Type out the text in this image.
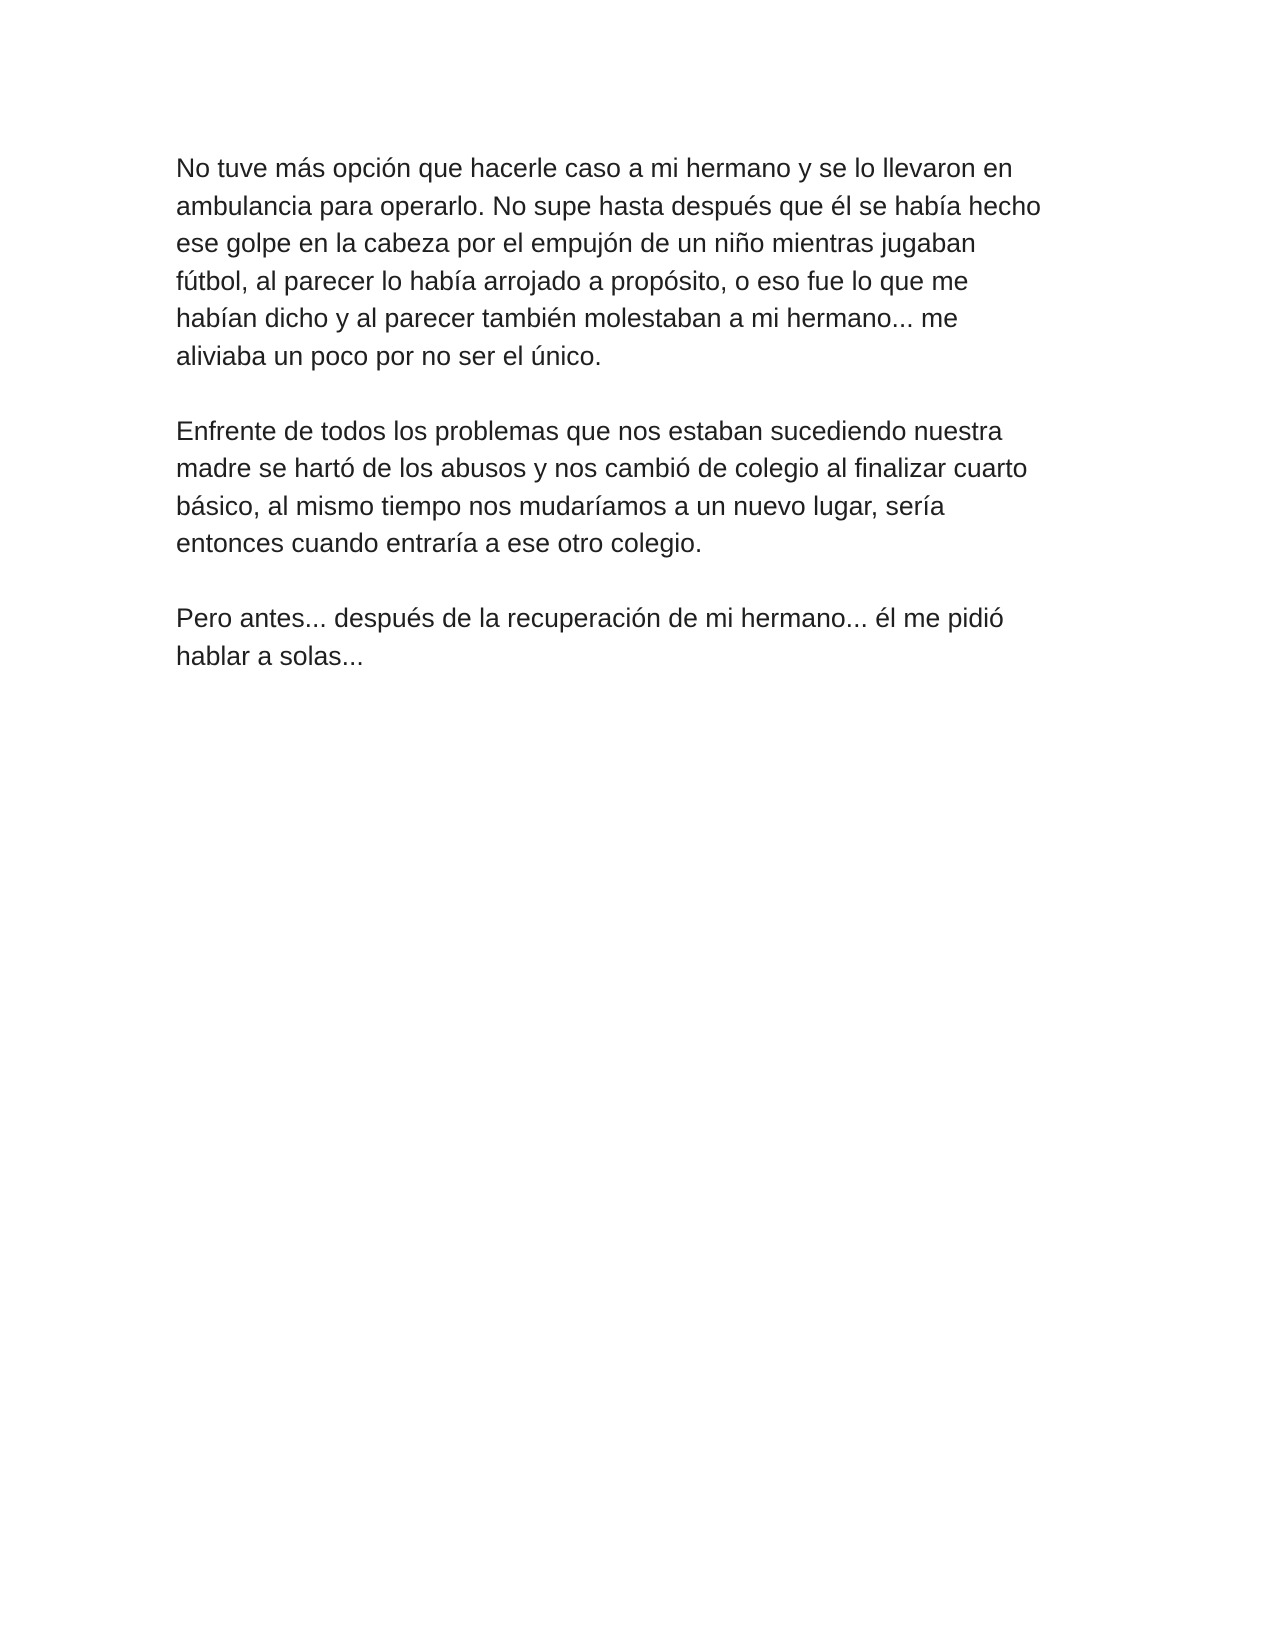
No tuve más opción que hacerle caso a mi hermano y se lo llevaron en
ambulancia para operarlo. No supe hasta después que él se había hecho
ese golpe en la cabeza por el empujón de un niño mientras jugaban
fútbol, al parecer lo había arrojado a propósito, o eso fue lo que me
habían dicho y al parecer también molestaban a mi hermano... me
aliviaba un poco por no ser el único.

Enfrente de todos los problemas que nos estaban sucediendo nuestra
madre se hartó de los abusos y nos cambió de colegio al finalizar cuarto
básico, al mismo tiempo nos mudaríamos a un nuevo lugar, sería
entonces cuando entraría a ese otro colegio.

Pero antes... después de la recuperación de mi hermano... él me pidió
hablar a solas...
